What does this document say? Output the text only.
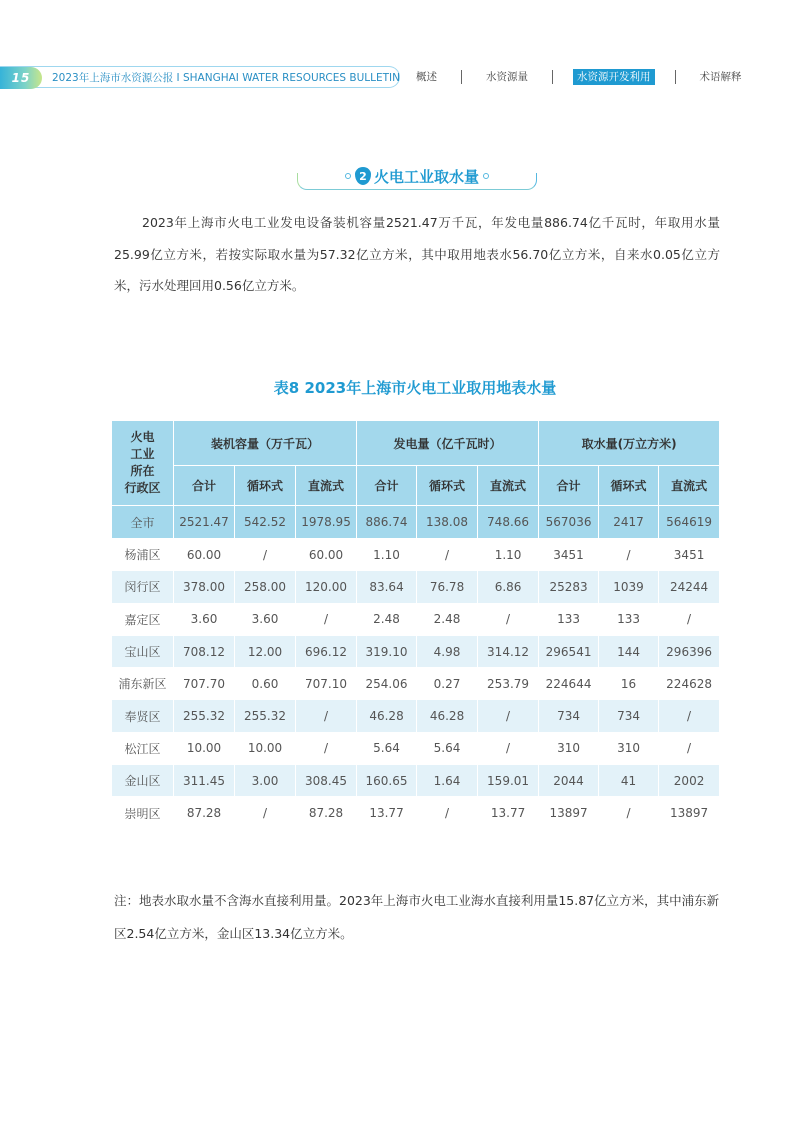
15	2023年上海市水资源公报 I SHANGHAI WATER RESOURCES BULLETIN	概述	水资源量	水资源开发利用	术语解释
2 火电工业取水量
2023年上海市火电工业发电设备装机容量2521.47万千瓦，年发电量886.74亿千瓦时，年取用水量25.99亿立方米，若按实际取水量为57.32亿立方米，其中取用地表水56.70亿立方米，自来水0.05亿立方米，污水处理回用0.56亿立方米。
表8 2023年上海市火电工业取用地表水量
火电
工业
所在
行政区	装机容量（万千瓦）			发电量（亿千瓦时）			取水量(万立方米)		
	合计	循环式	直流式	合计	循环式	直流式	合计	循环式	直流式
全市	2521.47	542.52	1978.95	886.74	138.08	748.66	567036	2417	564619
杨浦区	60.00	/	60.00	1.10	/	1.10	3451	/	3451
闵行区	378.00	258.00	120.00	83.64	76.78	6.86	25283	1039	24244
嘉定区	3.60	3.60	/	2.48	2.48	/	133	133	/
宝山区	708.12	12.00	696.12	319.10	4.98	314.12	296541	144	296396
浦东新区	707.70	0.60	707.10	254.06	0.27	253.79	224644	16	224628
奉贤区	255.32	255.32	/	46.28	46.28	/	734	734	/
松江区	10.00	10.00	/	5.64	5.64	/	310	310	/
金山区	311.45	3.00	308.45	160.65	1.64	159.01	2044	41	2002
崇明区	87.28	/	87.28	13.77	/	13.77	13897	/	13897
注：地表水取水量不含海水直接利用量。2023年上海市火电工业海水直接利用量15.87亿立方米，其中浦东新区2.54亿立方米，金山区13.34亿立方米。
